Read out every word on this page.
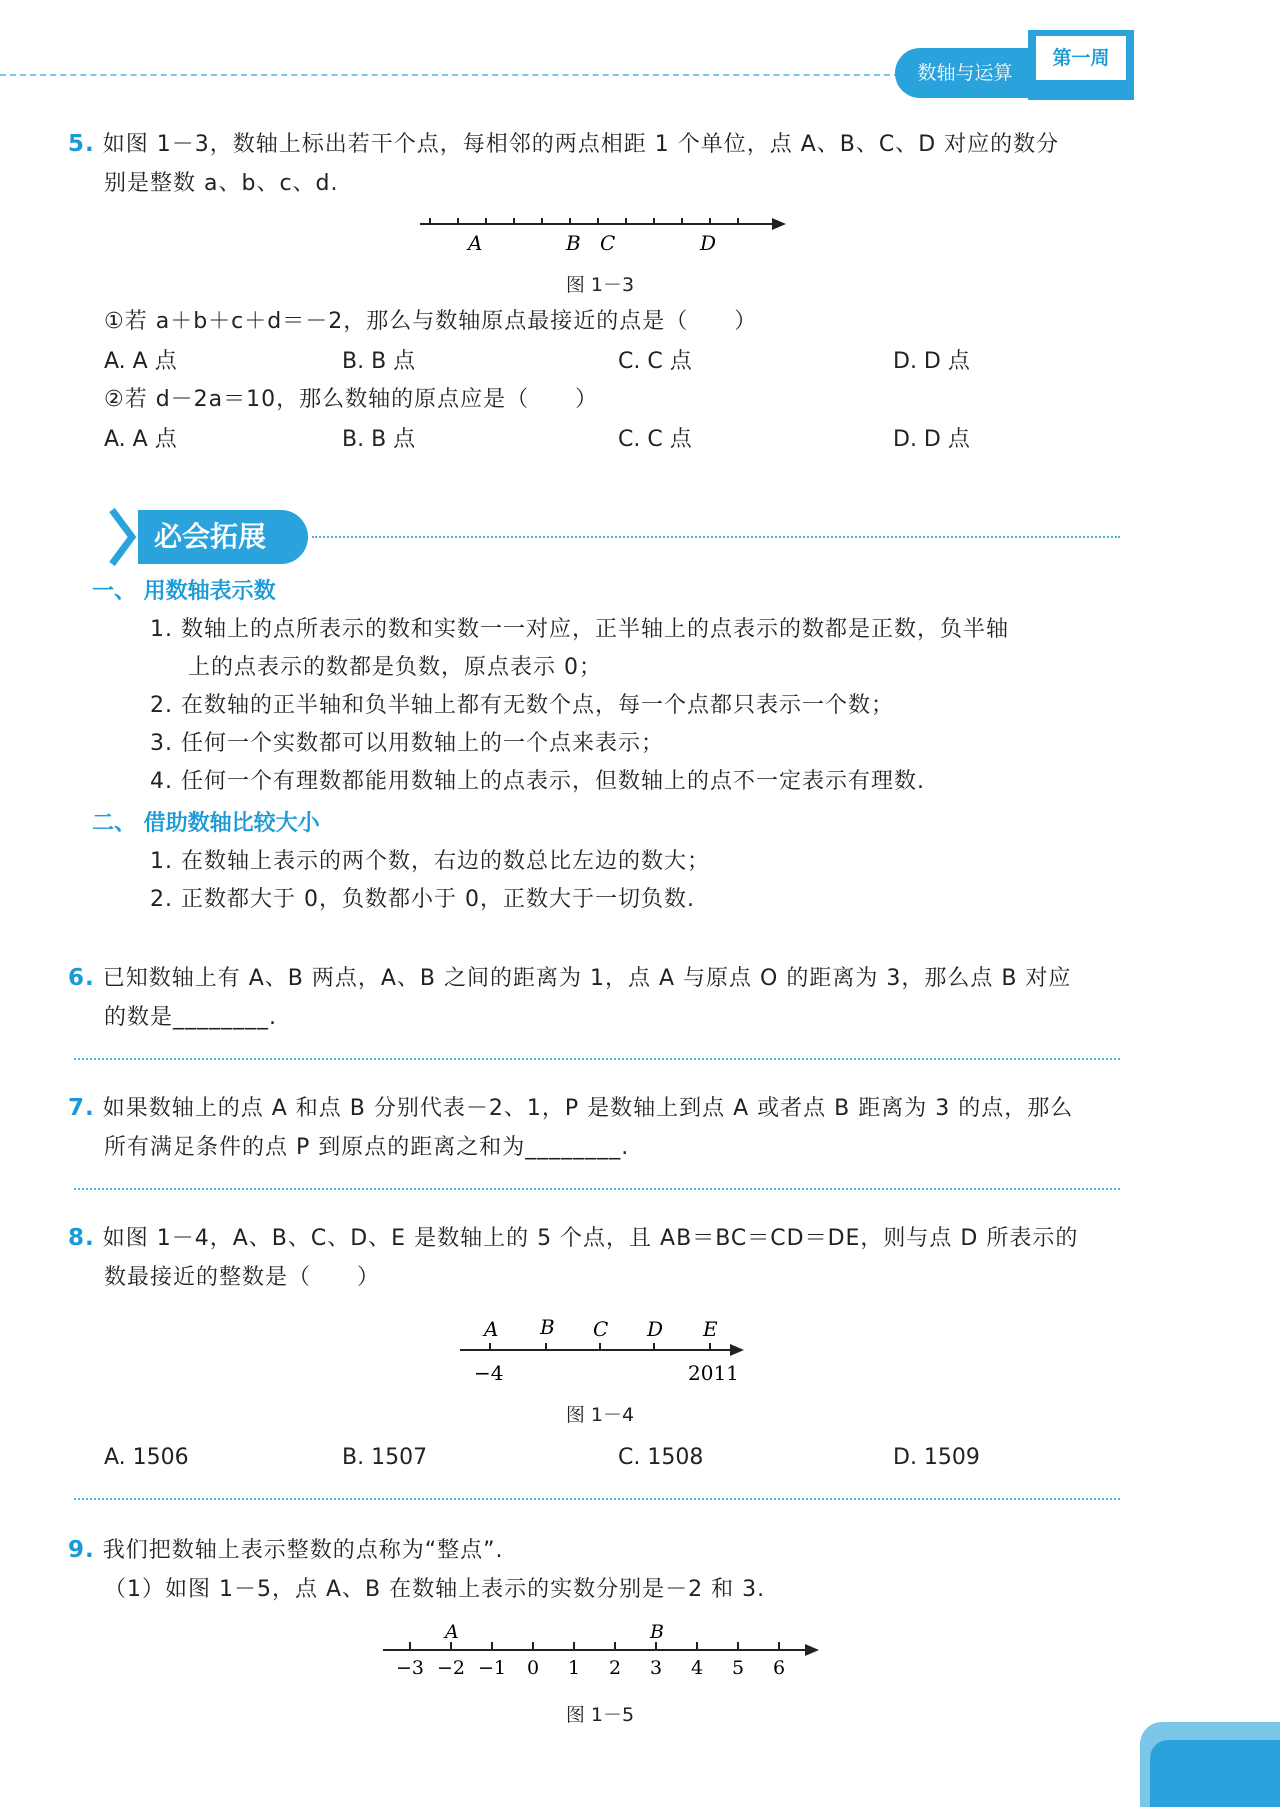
数轴与运算
第一周
5. 如图 1－3，数轴上标出若干个点，每相邻的两点相距 1 个单位，点 A、B、C、D 对应的数分
别是整数 a、b、c、d.
A	B C	D
图 1－3
①若 a＋b＋c＋d＝－2，那么与数轴原点最接近的点是（　　）
A. A 点	B. B 点	C. C 点	D. D 点
②若 d－2a＝10，那么数轴的原点应是（　　）
A. A 点	B. B 点	C. C 点	D. D 点
必会拓展
一、 用数轴表示数
1. 数轴上的点所表示的数和实数一一对应，正半轴上的点表示的数都是正数，负半轴
上的点表示的数都是负数，原点表示 0；
2. 在数轴的正半轴和负半轴上都有无数个点，每一个点都只表示一个数；
3. 任何一个实数都可以用数轴上的一个点来表示；
4. 任何一个有理数都能用数轴上的点表示，但数轴上的点不一定表示有理数.
二、 借助数轴比较大小
1. 在数轴上表示的两个数，右边的数总比左边的数大；
2. 正数都大于 0，负数都小于 0，正数大于一切负数.
6. 已知数轴上有 A、B 两点，A、B 之间的距离为 1，点 A 与原点 O 的距离为 3，那么点 B 对应
的数是________.
7. 如果数轴上的点 A 和点 B 分别代表－2、1，P 是数轴上到点 A 或者点 B 距离为 3 的点，那么
所有满足条件的点 P 到原点的距离之和为________.
8. 如图 1－4，A、B、C、D、E 是数轴上的 5 个点，且 AB＝BC＝CD＝DE，则与点 D 所表示的
数最接近的整数是（　　）
A B C D E
−4	2011
图 1－4
A. 1506	B. 1507	C. 1508	D. 1509
9. 我们把数轴上表示整数的点称为“整点”.
（1）如图 1－5，点 A、B 在数轴上表示的实数分别是－2 和 3.
A	B
−3 −2 −1 0 1 2 3 4 5 6
图 1－5
